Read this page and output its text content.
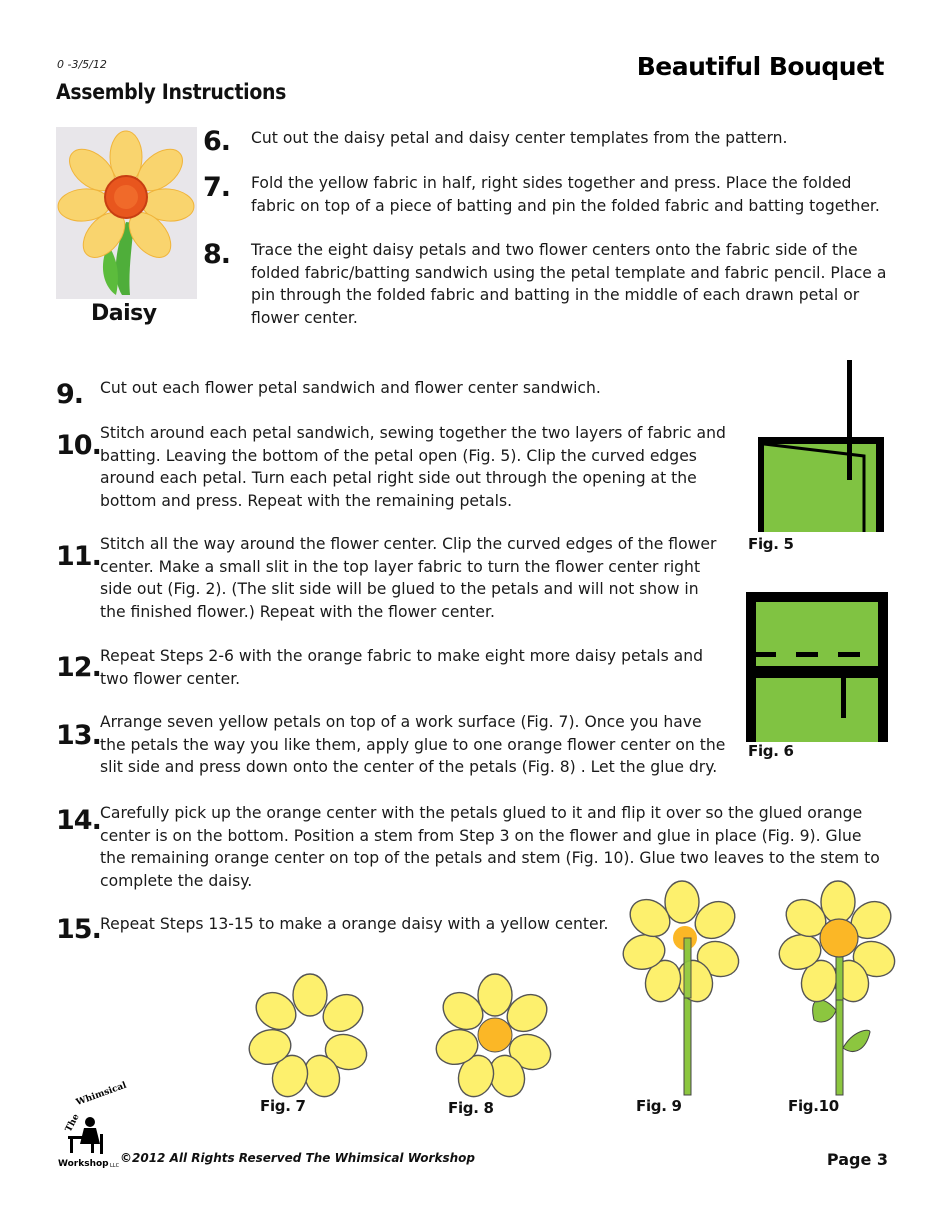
0 -3/5/12	Beautiful Bouquet
Assembly Instructions
Daisy
6. Cut out the daisy petal and daisy center templates from the pattern.
7. Fold the yellow fabric in half, right sides together and press. Place the folded fabric on top of a piece of batting and pin the folded fabric and batting together.
8. Trace the eight daisy petals and two flower centers onto the fabric side of the folded fabric/batting sandwich using the petal template and fabric pencil. Place a pin through the folded fabric and batting in the middle of each drawn petal or flower center.
9. Cut out each flower petal sandwich and flower center sandwich.
10. Stitch around each petal sandwich, sewing together the two layers of fabric and batting. Leaving the bottom of the petal open (Fig. 5). Clip the curved edges around each petal. Turn each petal right side out through the opening at the bottom and press. Repeat with the remaining petals.
11. Stitch all the way around the flower center. Clip the curved edges of the flower center. Make a small slit in the top layer fabric to turn the flower center right side out (Fig. 2). (The slit side will be glued to the petals and will not show in the finished flower.) Repeat with the flower center.
12. Repeat Steps 2-6 with the orange fabric to make eight more daisy petals and two flower center.
13. Arrange seven yellow petals on top of a work surface (Fig. 7). Once you have the petals the way you like them, apply glue to one orange flower center on the slit side and press down onto the center of the petals (Fig. 8) . Let the glue dry.
14. Carefully pick up the orange center with the petals glued to it and flip it over so the glued orange center is on the bottom. Position a stem from Step 3 on the flower and glue in place (Fig. 9). Glue the remaining orange center on top of the petals and stem (Fig. 10). Glue two leaves to the stem to complete the daisy.
15. Repeat Steps 13-15 to make a orange daisy with a yellow center.
Fig. 5
Fig. 6
Fig. 7	Fig. 8	Fig. 9	Fig.10
The
Whimsical
Workshop LLC
©2012 All Rights Reserved The Whimsical Workshop	Page 3
